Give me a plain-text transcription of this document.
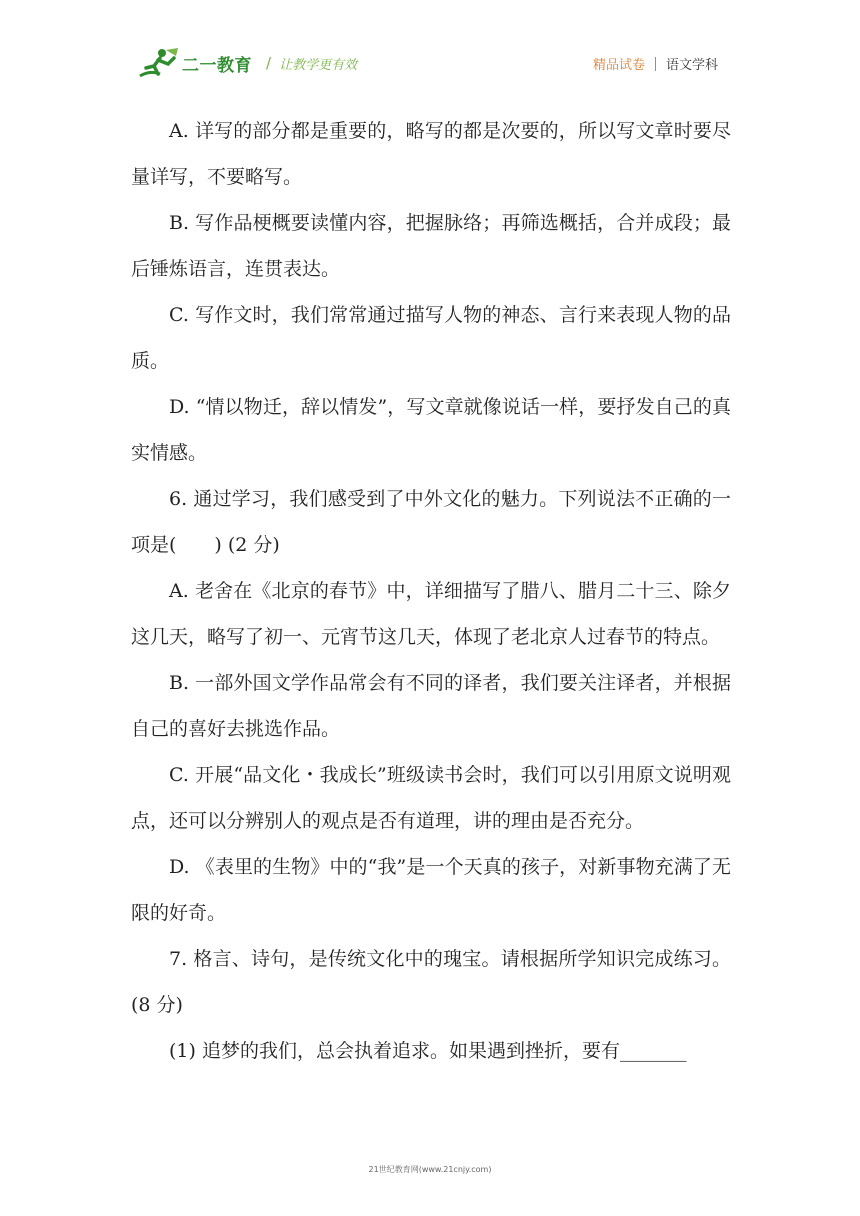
二一教育 / 让教学更有效	精品试卷 语文学科

A. 详写的部分都是重要的，略写的都是次要的，所以写文章时要尽量详写，不要略写。

B. 写作品梗概要读懂内容，把握脉络；再筛选概括，合并成段；最后锤炼语言，连贯表达。

C. 写作文时，我们常常通过描写人物的神态、言行来表现人物的品质。

D. “情以物迁，辞以情发”，写文章就像说话一样，要抒发自己的真实情感。

6. 通过学习，我们感受到了中外文化的魅力。下列说法不正确的一项是(　　) (2 分)

A. 老舍在《北京的春节》中，详细描写了腊八、腊月二十三、除夕这几天，略写了初一、元宵节这几天，体现了老北京人过春节的特点。

B. 一部外国文学作品常会有不同的译者，我们要关注译者，并根据自己的喜好去挑选作品。

C. 开展“品文化・我成长”班级读书会时，我们可以引用原文说明观点，还可以分辨别人的观点是否有道理，讲的理由是否充分。

D. 《表里的生物》中的“我”是一个天真的孩子，对新事物充满了无限的好奇。

7. 格言、诗句，是传统文化中的瑰宝。请根据所学知识完成练习。(8 分)

(1) 追梦的我们，总会执着追求。如果遇到挫折，要有_______

21世纪教育网(www.21cnjy.com)
